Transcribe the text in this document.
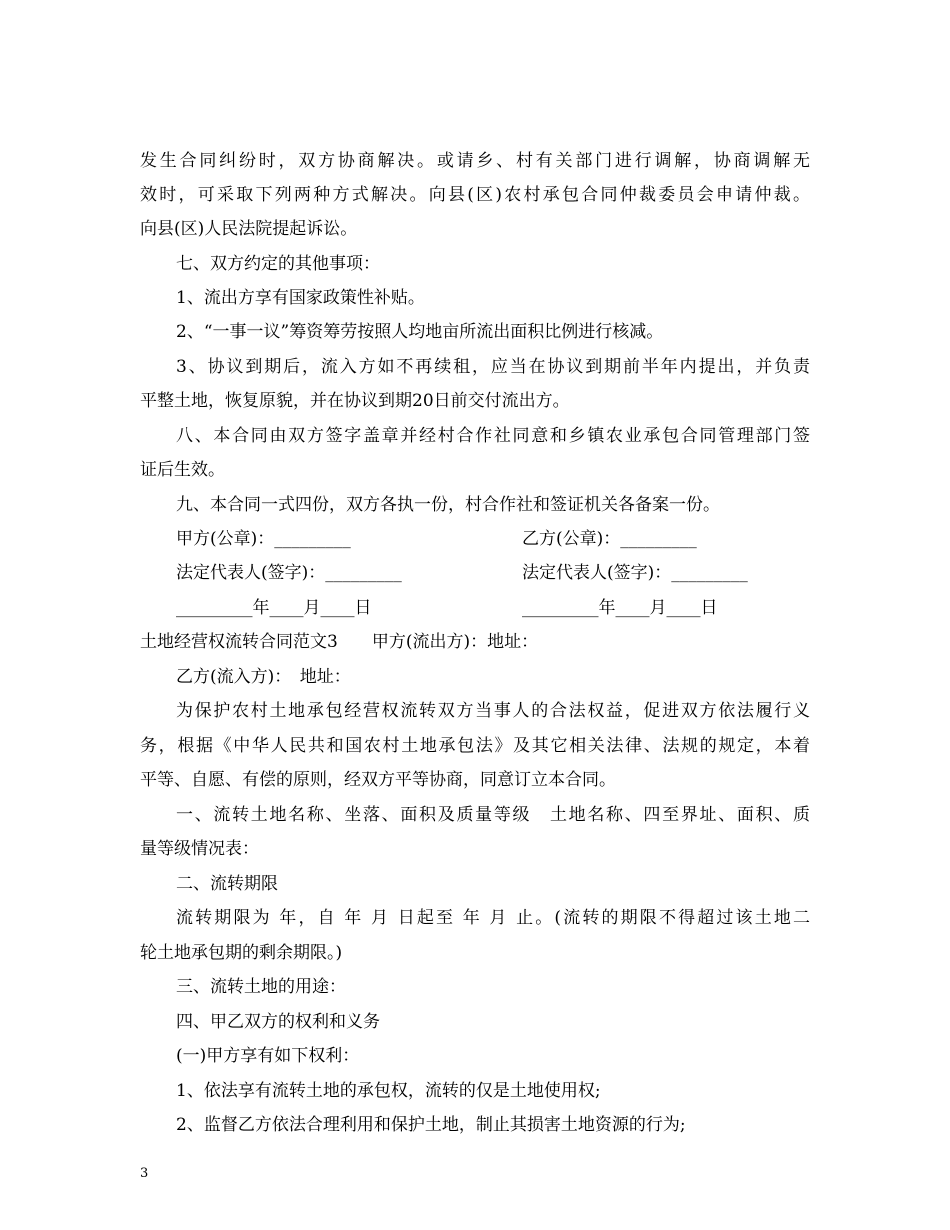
发生合同纠纷时，双方协商解决。或请乡、村有关部门进行调解，协商调解无
效时，可采取下列两种方式解决。向县(区)农村承包合同仲裁委员会申请仲裁。
向县(区)人民法院提起诉讼。
七、双方约定的其他事项：
1、流出方享有国家政策性补贴。
2、“一事一议”筹资筹劳按照人均地亩所流出面积比例进行核减。
3、协议到期后，流入方如不再续租，应当在协议到期前半年内提出，并负责
平整土地，恢复原貌，并在协议到期20日前交付流出方。
八、本合同由双方签字盖章并经村合作社同意和乡镇农业承包合同管理部门签
证后生效。
九、本合同一式四份，双方各执一份，村合作社和签证机关各备案一份。
甲方(公章)：_________	乙方(公章)：_________
法定代表人(签字)：_________	法定代表人(签字)：_________
_________年____月____日	_________年____月____日
土地经营权流转合同范文3　　甲方(流出方)：地址：
乙方(流入方)：　地址：
为保护农村土地承包经营权流转双方当事人的合法权益，促进双方依法履行义
务，根据《中华人民共和国农村土地承包法》及其它相关法律、法规的规定，本着
平等、自愿、有偿的原则，经双方平等协商，同意订立本合同。
一、流转土地名称、坐落、面积及质量等级　土地名称、四至界址、面积、质
量等级情况表：
二、流转期限
流转期限为 年，自 年 月 日起至 年 月 止。(流转的期限不得超过该土地二
轮土地承包期的剩余期限。)
三、流转土地的用途：
四、甲乙双方的权利和义务
(一)甲方享有如下权利：
1、依法享有流转土地的承包权，流转的仅是土地使用权;
2、监督乙方依法合理利用和保护土地，制止其损害土地资源的行为;
3
